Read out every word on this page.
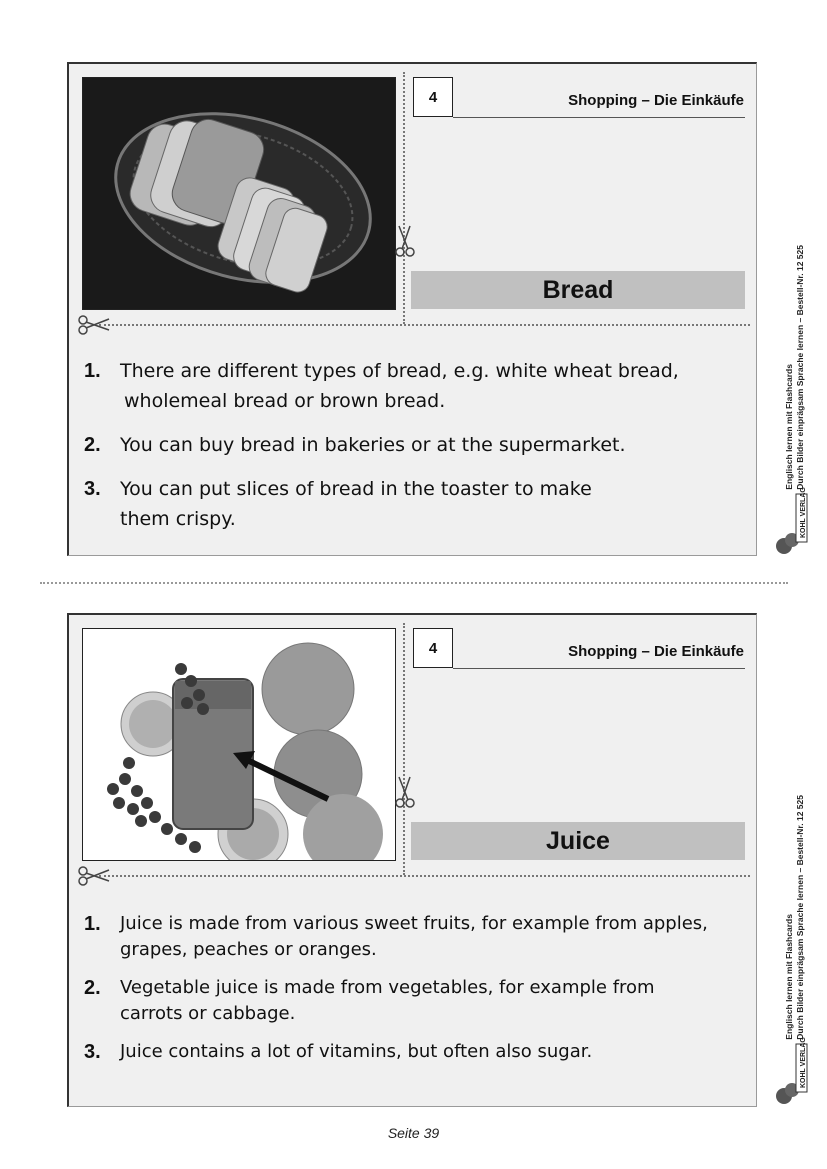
4	Shopping – Die Einkäufe
Bread
1. There are different types of bread, e.g. white wheat bread,
wholemeal bread or brown bread.
2. You can buy bread in bakeries or at the supermarket.
3. You can put slices of bread in the toaster to make
them crispy.
Englisch lernen mit Flashcards Durch Bilder einprägsam Sprache lernen – Bestell-Nr. 12 525
KOHL VERLAG
4	Shopping – Die Einkäufe
Juice
1. Juice is made from various sweet fruits, for example from apples,
grapes, peaches or oranges.
2. Vegetable juice is made from vegetables, for example from
carrots or cabbage.
3. Juice contains a lot of vitamins, but often also sugar.
Englisch lernen mit Flashcards Durch Bilder einprägsam Sprache lernen – Bestell-Nr. 12 525
KOHL VERLAG
Seite 39
